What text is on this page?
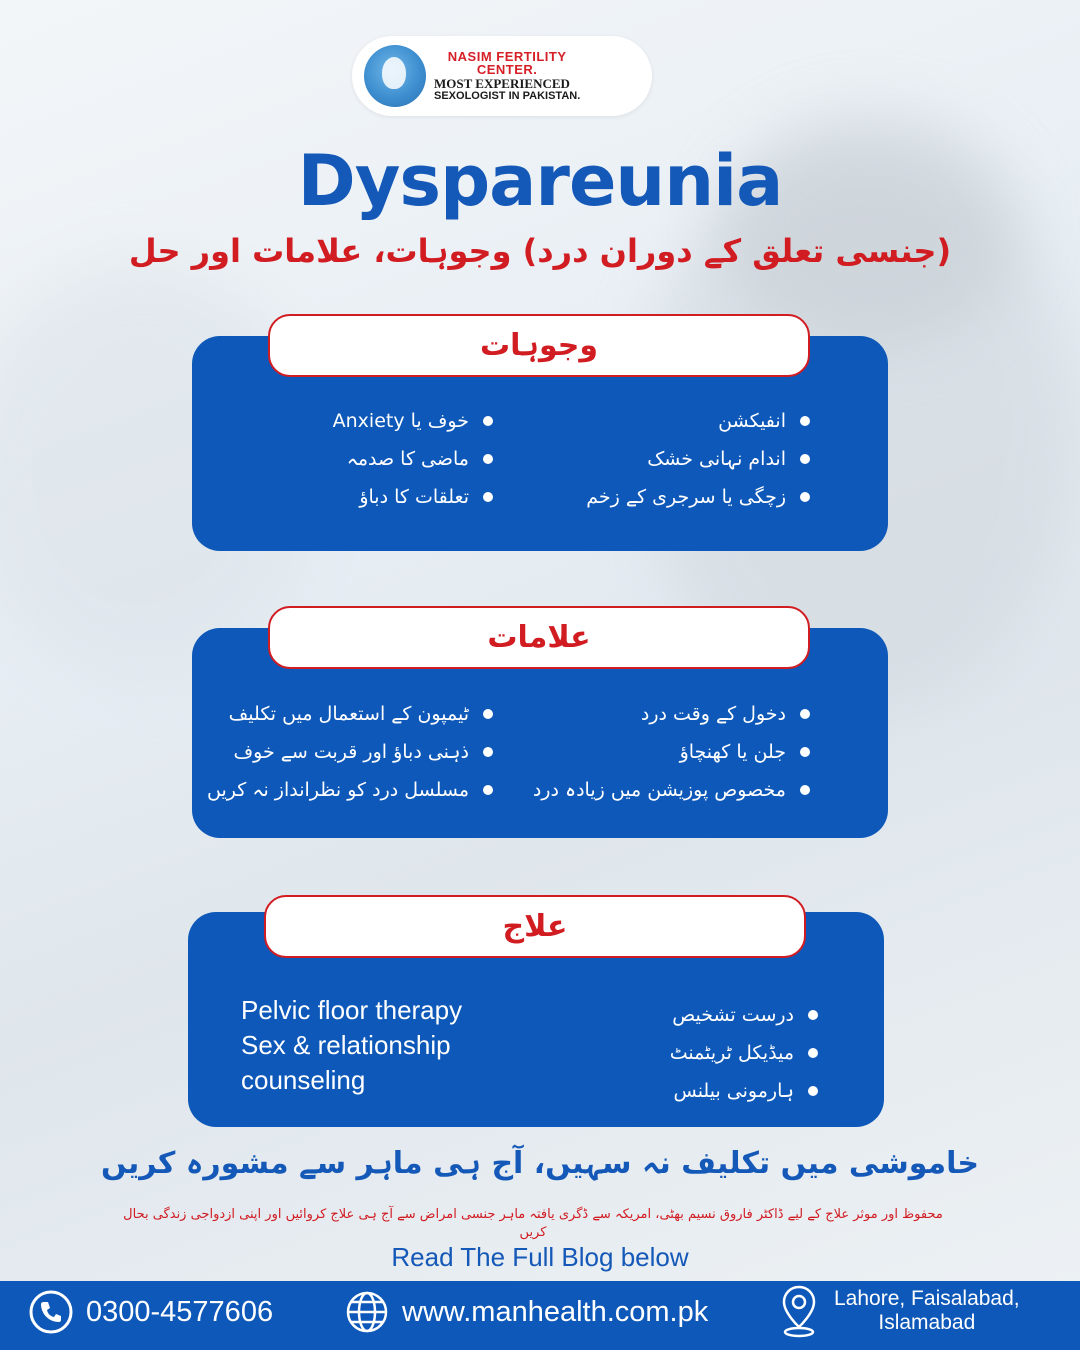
NASIM FERTILITY
CENTER.
MOST EXPERIENCED
SEXOLOGIST IN PAKISTAN.
Dyspareunia
(جنسی تعلق کے دوران درد) وجوہات، علامات اور حل
وجوہات
انفیکشن
اندام نہانی خشک
زچگی یا سرجری کے زخم
خوف یا Anxiety
ماضی کا صدمہ
تعلقات کا دباؤ
علامات
دخول کے وقت درد
جلن یا کھنچاؤ
مخصوص پوزیشن میں زیادہ درد
ٹیمپون کے استعمال میں تکلیف
ذہنی دباؤ اور قربت سے خوف
مسلسل درد کو نظرانداز نہ کریں
علاج
درست تشخیص
میڈیکل ٹریٹمنٹ
ہارمونی بیلنس
Pelvic floor therapy
Sex & relationship
counseling
خاموشی میں تکلیف نہ سہیں، آج ہی ماہر سے مشورہ کریں
محفوظ اور موثر علاج کے لیے ڈاکٹر فاروق نسیم بھٹی، امریکہ سے ڈگری یافتہ ماہر جنسی امراض سے آج ہی علاج کروائیں اور اپنی ازدواجی زندگی بحال کریں
Read The Full Blog below
0300-4577606	www.manhealth.com.pk	Lahore, Faisalabad,
Islamabad
